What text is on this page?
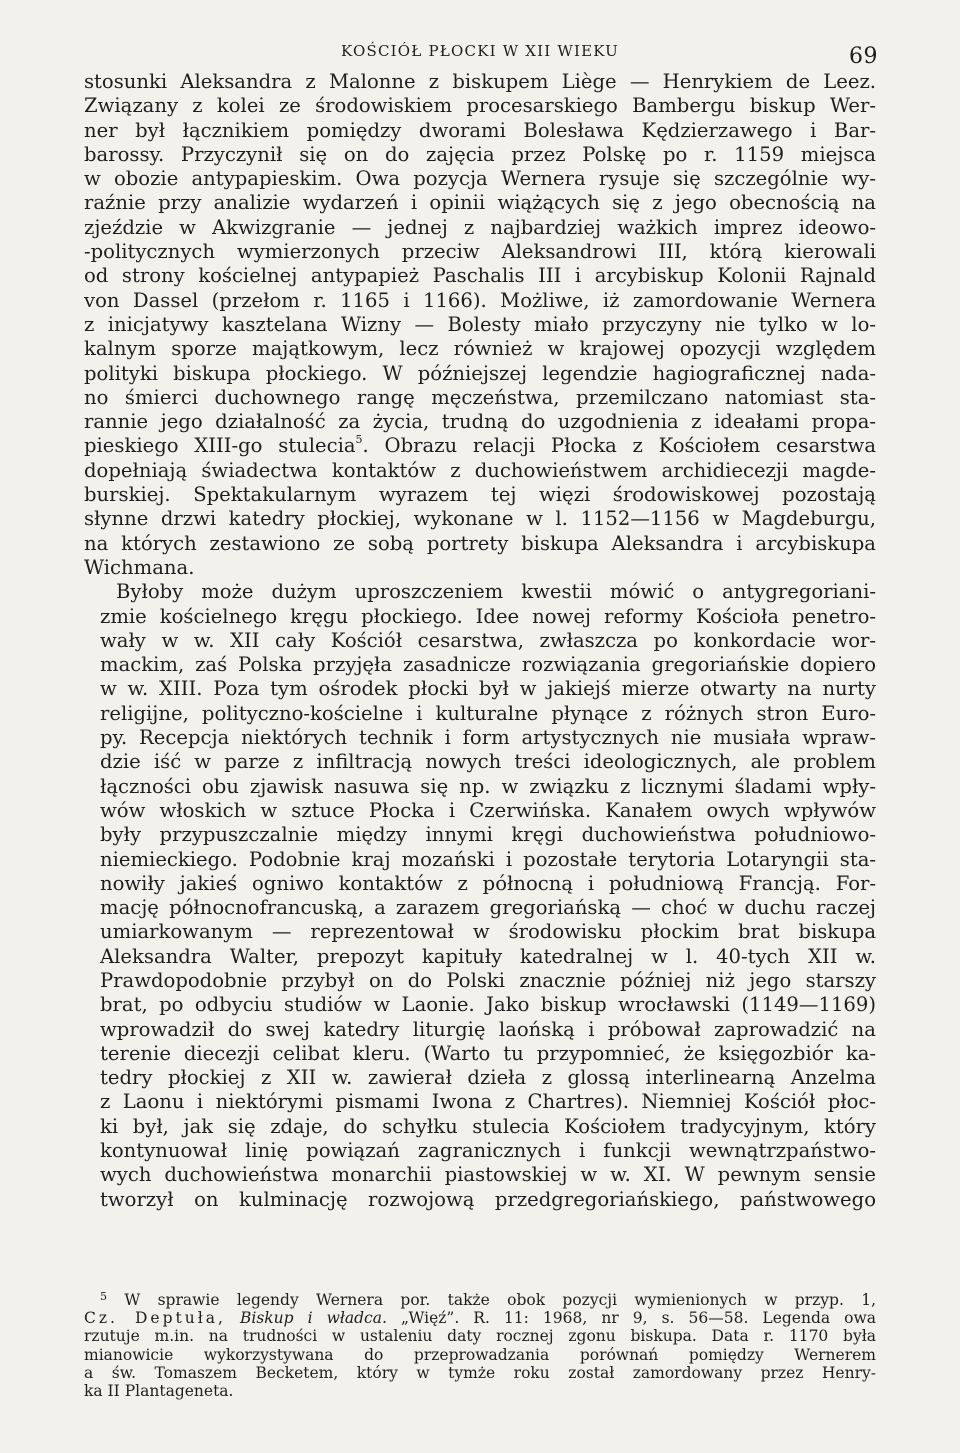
KOŚCIÓŁ PŁOCKI W XII WIEKU	69

stosunki Aleksandra z Malonne z biskupem Liège — Henrykiem de Leez.
Związany z kolei ze środowiskiem procesarskiego Bambergu biskup Wer-
ner był łącznikiem pomiędzy dworami Bolesława Kędzierzawego i Bar-
barossy. Przyczynił się on do zajęcia przez Polskę po r. 1159 miejsca
w obozie antypapieskim. Owa pozycja Wernera rysuje się szczególnie wy-
raźnie przy analizie wydarzeń i opinii wiążących się z jego obecnością na
zjeździe w Akwizgranie — jednej z najbardziej ważkich imprez ideowo-
-politycznych wymierzonych przeciw Aleksandrowi III, którą kierowali
od strony kościelnej antypapież Paschalis III i arcybiskup Kolonii Rajnald
von Dassel (przełom r. 1165 i 1166). Możliwe, iż zamordowanie Wernera
z inicjatywy kasztelana Wizny — Bolesty miało przyczyny nie tylko w lo-
kalnym sporze majątkowym, lecz również w krajowej opozycji względem
polityki biskupa płockiego. W późniejszej legendzie hagiograficznej nada-
no śmierci duchownego rangę męczeństwa, przemilczano natomiast sta-
rannie jego działalność za życia, trudną do uzgodnienia z ideałami propa-
pieskiego XIII-go stulecia$^5$. Obrazu relacji Płocka z Kościołem cesarstwa
dopełniają świadectwa kontaktów z duchowieństwem archidiecezji magde-
burskiej. Spektakularnym wyrazem tej więzi środowiskowej pozostają
słynne drzwi katedry płockiej, wykonane w l. 1152—1156 w Magdeburgu,
na których zestawiono ze sobą portrety biskupa Aleksandra i arcybiskupa
Wichmana.

Byłoby może dużym uproszczeniem kwestii mówić o antygregoriani-
zmie kościelnego kręgu płockiego. Idee nowej reformy Kościoła penetro-
wały w w. XII cały Kościół cesarstwa, zwłaszcza po konkordacie wor-
mackim, zaś Polska przyjęła zasadnicze rozwiązania gregoriańskie dopiero
w w. XIII. Poza tym ośrodek płocki był w jakiejś mierze otwarty na nurty
religijne, polityczno-kościelne i kulturalne płynące z różnych stron Euro-
py. Recepcja niektórych technik i form artystycznych nie musiała wpraw-
dzie iść w parze z infiltracją nowych treści ideologicznych, ale problem
łączności obu zjawisk nasuwa się np. w związku z licznymi śladami wpły-
wów włoskich w sztuce Płocka i Czerwińska. Kanałem owych wpływów
były przypuszczalnie między innymi kręgi duchowieństwa południowo-
niemieckiego. Podobnie kraj mozański i pozostałe terytoria Lotaryngii sta-
nowiły jakieś ogniwo kontaktów z północną i południową Francją. For-
mację północnofrancuską, a zarazem gregoriańską — choć w duchu raczej
umiarkowanym — reprezentował w środowisku płockim brat biskupa
Aleksandra Walter, prepozyt kapituły katedralnej w l. 40-tych XII w.
Prawdopodobnie przybył on do Polski znacznie później niż jego starszy
brat, po odbyciu studiów w Laonie. Jako biskup wrocławski (1149—1169)
wprowadził do swej katedry liturgię laońską i próbował zaprowadzić na
terenie diecezji celibat kleru. (Warto tu przypomnieć, że księgozbiór ka-
tedry płockiej z XII w. zawierał dzieła z glossą interlinearną Anzelma
z Laonu i niektórymi pismami Iwona z Chartres). Niemniej Kościół płoc-
ki był, jak się zdaje, do schyłku stulecia Kościołem tradycyjnym, który
kontynuował linię powiązań zagranicznych i funkcji wewnątrzpaństwo-
wych duchowieństwa monarchii piastowskiej w w. XI. W pewnym sensie
tworzył on kulminację rozwojową przedgregoriańskiego, państwowego

$^5$ W sprawie legendy Wernera por. także obok pozycji wymienionych w przyp. 1,
Cz. Deptuła, Biskup i władca. „Więź”. R. 11: 1968, nr 9, s. 56—58. Legenda owa
rzutuje m.in. na trudności w ustaleniu daty rocznej zgonu biskupa. Data r. 1170 była
mianowicie wykorzystywana do przeprowadzania porównań pomiędzy Wernerem
a św. Tomaszem Becketem, który w tymże roku został zamordowany przez Henry-
ka II Plantageneta.
